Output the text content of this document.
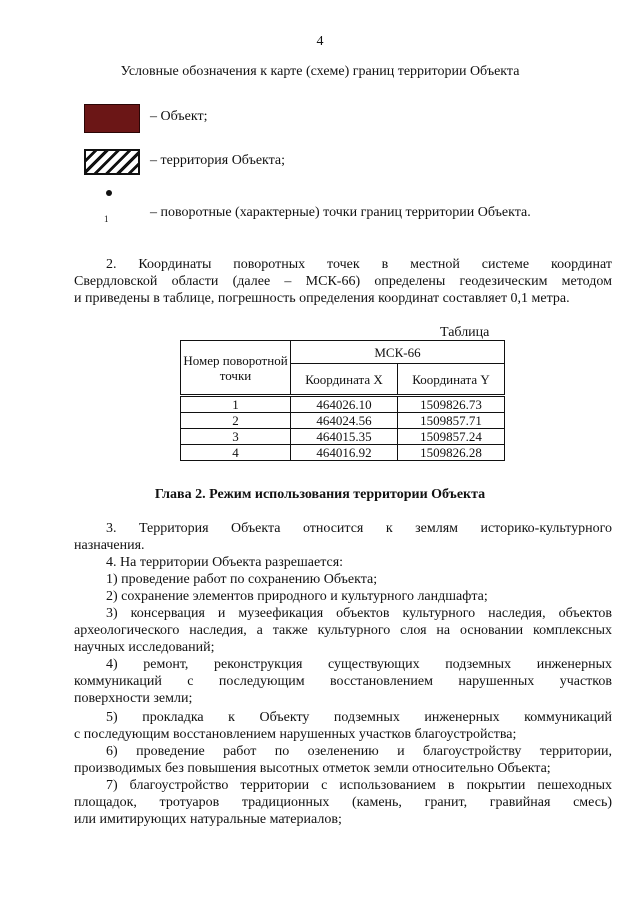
4
Условные обозначения к карте (схеме) границ территории Объекта
– Объект;
– территория Объекта;
1	– поворотные (характерные) точки границ территории Объекта.
2. Координаты поворотных точек в местной системе координат
Свердловской области (далее – МСК-66) определены геодезическим методом
и приведены в таблице, погрешность определения координат составляет 0,1 метра.
Таблица
Номер поворотной точки	МСК-66	
	Координата X	Координата Y
1	464026.10	1509826.73
2	464024.56	1509857.71
3	464015.35	1509857.24
4	464016.92	1509826.28
Глава 2. Режим использования территории Объекта
3. Территория Объекта относится к землям историко-культурного
назначения.
4. На территории Объекта разрешается:
1) проведение работ по сохранению Объекта;
2) сохранение элементов природного и культурного ландшафта;
3) консервация и музеефикация объектов культурного наследия, объектов
археологического наследия, а также культурного слоя на основании комплексных
научных исследований;
4) ремонт, реконструкция существующих подземных инженерных
коммуникаций с последующим восстановлением нарушенных участков
поверхности земли;
5) прокладка к Объекту подземных инженерных коммуникаций
с последующим восстановлением нарушенных участков благоустройства;
6) проведение работ по озеленению и благоустройству территории,
производимых без повышения высотных отметок земли относительно Объекта;
7) благоустройство территории с использованием в покрытии пешеходных
площадок, тротуаров традиционных (камень, гранит, гравийная смесь)
или имитирующих натуральные материалов;
